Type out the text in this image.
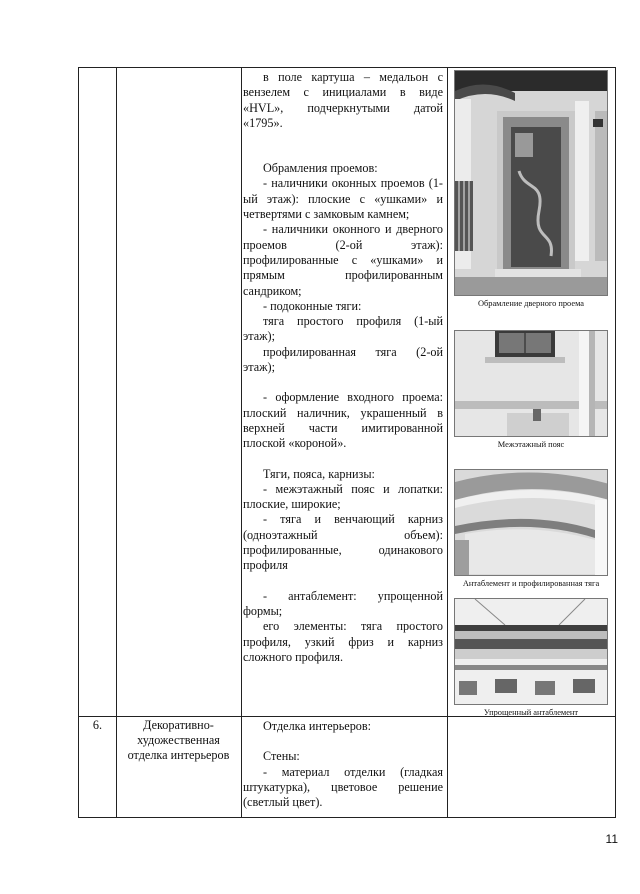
в поле картуша – медальон с вензелем с инициалами в виде «HVL», подчеркнутыми датой «1795».

Обрамления проемов:

- наличники оконных проемов (1-ый этаж): плоские с «ушками» и четвертями с замковым камнем;

- наличники оконного и дверного проемов (2-ой этаж): профилированные с «ушками» и прямым профилированным сандриком;

- подоконные тяги:

тяга простого профиля (1-ый этаж);

профилированная тяга (2-ой этаж);

- оформление входного проема: плоский наличник, украшенный в верхней части имитированной плоской «короной».

Тяги, пояса, карнизы:

- межэтажный пояс и лопатки: плоские, широкие;

- тяга и венчающий карниз (одноэтажный объем): профилированные, одинакового профиля

- антаблемент: упрощенной формы;

его элементы: тяга простого профиля, узкий фриз и карниз сложного профиля.

Обрамление дверного проема
Межэтажный пояс
Антаблемент и профилированная тяга
Упрощенный антаблемент
6.	Декоративно-художественная отделка интерьеров

Отделка интерьеров:

Стены:

- материал отделки (гладкая штукатурка), цветовое решение (светлый цвет).

11
